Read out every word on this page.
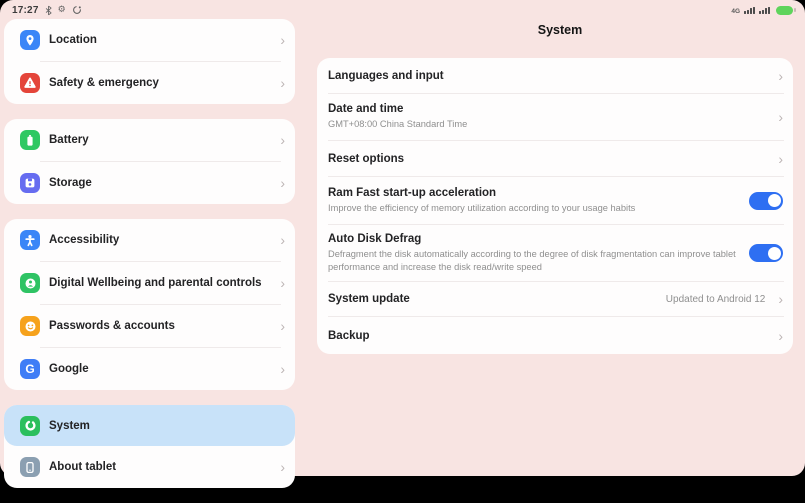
17:27 ⚙	4G
System
Location	›
Safety & emergency	›
Battery	›
Storage	›
Accessibility	›
Digital Wellbeing and parental controls	›
Passwords & accounts	›
G Google	›
System
About tablet	›
Languages and input	›
Date and time
GMT+08:00 China Standard Time	›
Reset options	›
Ram Fast start-up acceleration
Improve the efficiency of memory utilization according to your usage habits
Auto Disk Defrag
Defragment the disk automatically according to the degree of disk fragmentation can improve tablet performance and increase the disk read/write speed
System update	Updated to Android 12 ›
Backup	›
